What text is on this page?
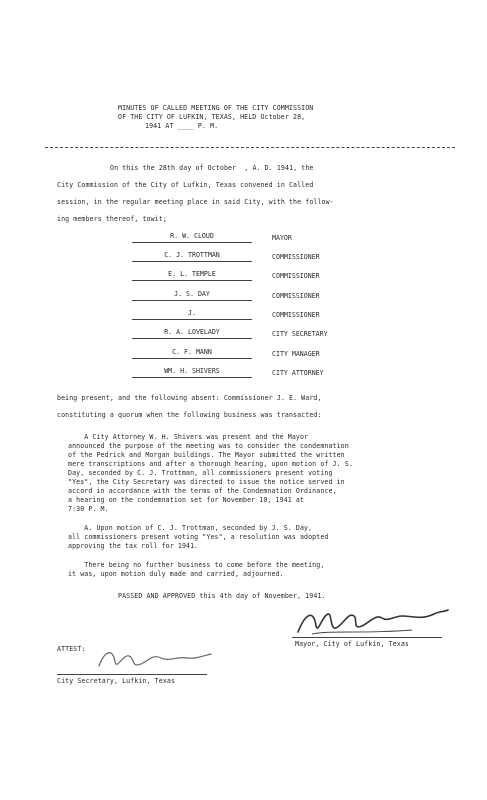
MINUTES OF CALLED MEETING OF THE CITY COMMISSION
OF THE CITY OF LUFKIN, TEXAS, HELD October 28,
1941 AT ____ P. M.
On this the 28th day of October  , A. D. 1941, the
City Commission of the City of Lufkin, Texas convened in Called
session, in the regular meeting place in said City, with the follow-
ing members thereof, towit;
R. W. CLOUD	MAYOR
C. J. TROTTMAN	COMMISSIONER
E. L. TEMPLE	COMMISSIONER
J. S. DAY	COMMISSIONER
J.	COMMISSIONER
R. A. LOVELADY	CITY SECRETARY
C. F. MANN	CITY MANAGER
WM. H. SHIVERS	CITY ATTORNEY
being present, and the following absent: Commissioner J. E. Ward,
constituting a quorum when the following business was transacted:
A City Attorney W. H. Shivers was present and the Mayor
announced the purpose of the meeting was to consider the condemnation
of the Pedrick and Morgan buildings. The Mayor submitted the written
mere transcriptions and after a thorough hearing, upon motion of J. S.
Day, seconded by C. J. Trottman, all commissioners present voting
"Yes", the City Secretary was directed to issue the notice served in
accord in accordance with the terms of the Condemnation Ordinance,
a hearing on the condemnation set for November 10, 1941 at
7:30 P. M.
A. Upon motion of C. J. Trottman, seconded by J. S. Day,
all commissioners present voting "Yes", a resolution was adopted
approving the tax roll for 1941.
There being no further business to come before the meeting,
it was, upon motion duly made and carried, adjourned.
PASSED AND APPROVED this 4th day of November, 1941.
Mayor, City of Lufkin, Texas
ATTEST:
City Secretary, Lufkin, Texas
